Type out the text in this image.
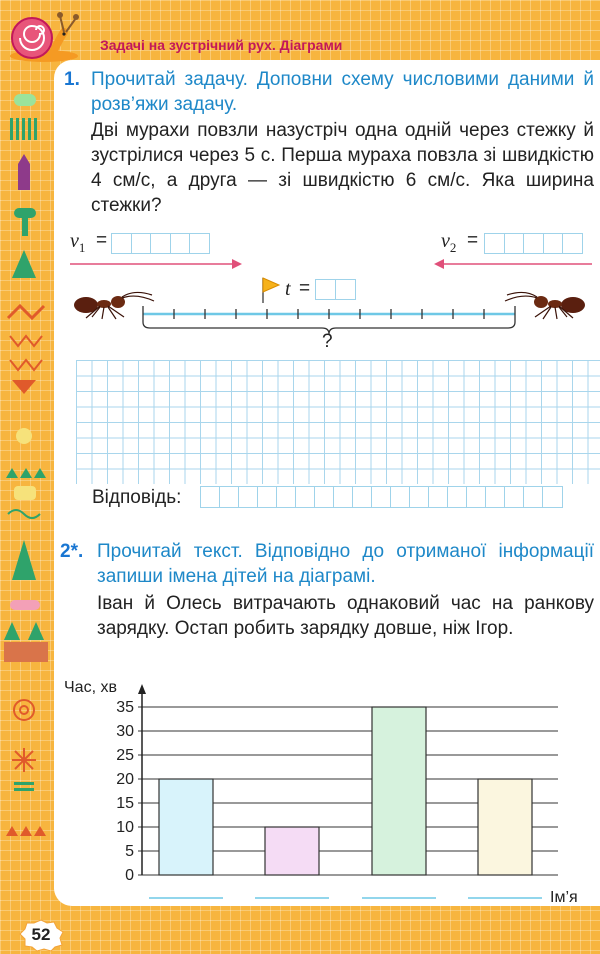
Задачі на зустрічний рух. Діаграми
52
1. Прочитай задачу. Доповни схему числовими даними й розв’яжи задачу.
Дві мурахи повзли назустріч одна одній через стежку й зустрілися через 5 с. Перша мураха повзла зі швидкістю 4 см/с, а друга — зі швидкістю 6 см/с. Яка ширина стежки?
$v_1$ =	$v_2$ =
t =
?
Відповідь:
2*. Прочитай текст. Відповідно до отриманої інформації запиши імена дітей на діаграмі.
Іван й Олесь витрачають однаковий час на ранкову зарядку. Остап робить зарядку довше, ніж Ігор.
0
5
10
15
20
25
30
35
Час, хв
Ім’я
